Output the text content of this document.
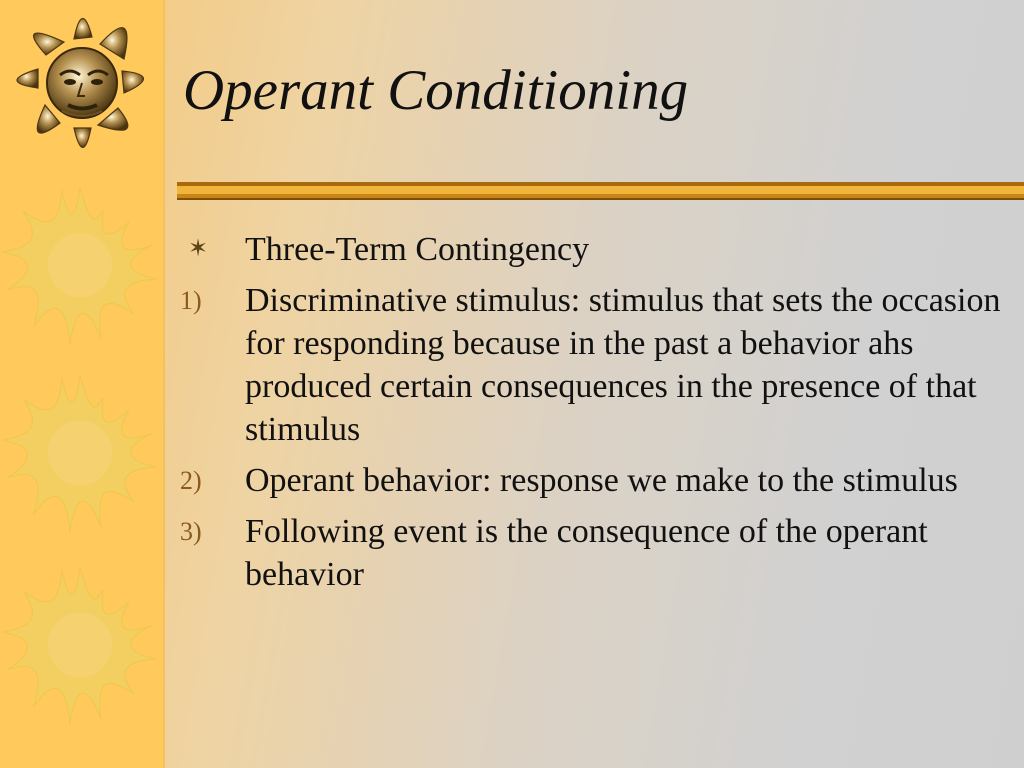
Operant Conditioning
✶	Three-Term Contingency
1)	Discriminative stimulus: stimulus that sets the occasion for responding because in the past a behavior ahs produced certain consequences in the presence of that stimulus
2)	Operant behavior: response we make to the stimulus
3)	Following event is the consequence of the operant behavior
